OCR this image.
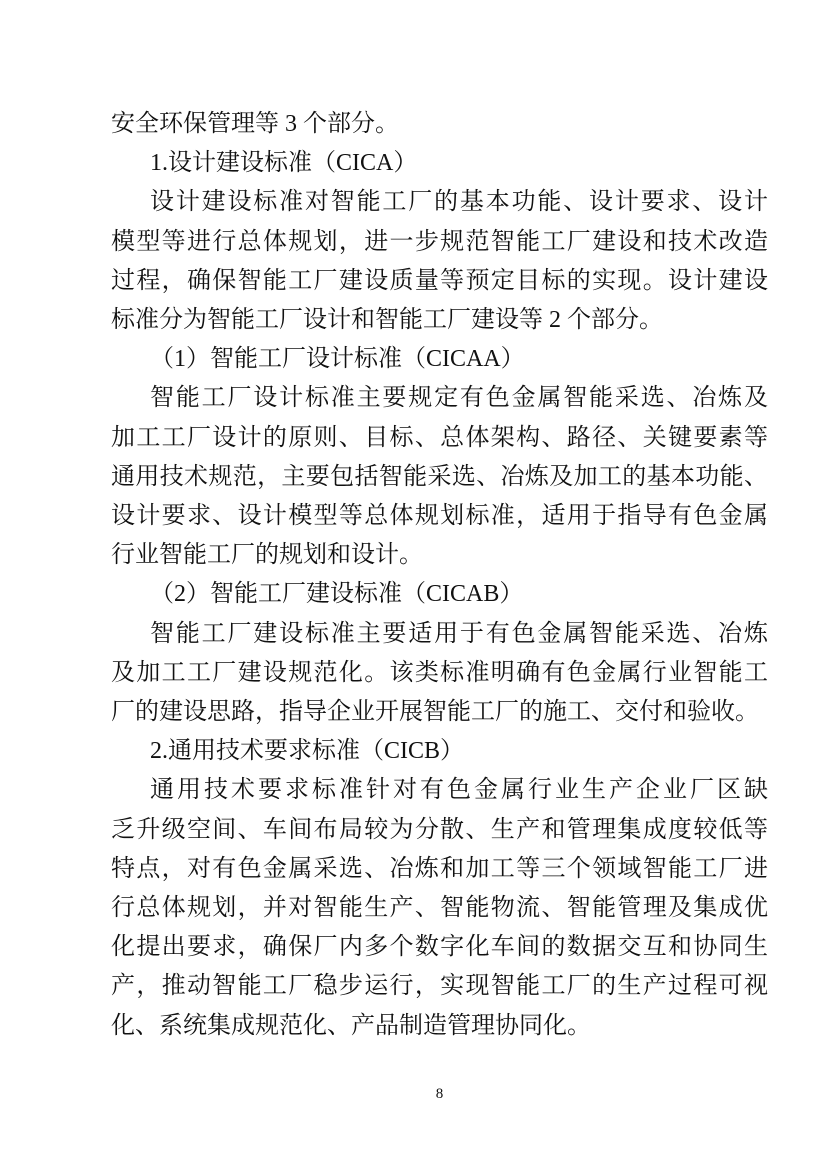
安全环保管理等 3 个部分。
1.设计建设标准（CICA）
设计建设标准对智能工厂的基本功能、设计要求、设计
模型等进行总体规划，进一步规范智能工厂建设和技术改造
过程，确保智能工厂建设质量等预定目标的实现。设计建设
标准分为智能工厂设计和智能工厂建设等 2 个部分。
（1）智能工厂设计标准（CICAA）
智能工厂设计标准主要规定有色金属智能采选、冶炼及
加工工厂设计的原则、目标、总体架构、路径、关键要素等
通用技术规范，主要包括智能采选、冶炼及加工的基本功能、
设计要求、设计模型等总体规划标准，适用于指导有色金属
行业智能工厂的规划和设计。
（2）智能工厂建设标准（CICAB）
智能工厂建设标准主要适用于有色金属智能采选、冶炼
及加工工厂建设规范化。该类标准明确有色金属行业智能工
厂的建设思路，指导企业开展智能工厂的施工、交付和验收。
2.通用技术要求标准（CICB）
通用技术要求标准针对有色金属行业生产企业厂区缺
乏升级空间、车间布局较为分散、生产和管理集成度较低等
特点，对有色金属采选、冶炼和加工等三个领域智能工厂进
行总体规划，并对智能生产、智能物流、智能管理及集成优
化提出要求，确保厂内多个数字化车间的数据交互和协同生
产，推动智能工厂稳步运行，实现智能工厂的生产过程可视
化、系统集成规范化、产品制造管理协同化。
8
